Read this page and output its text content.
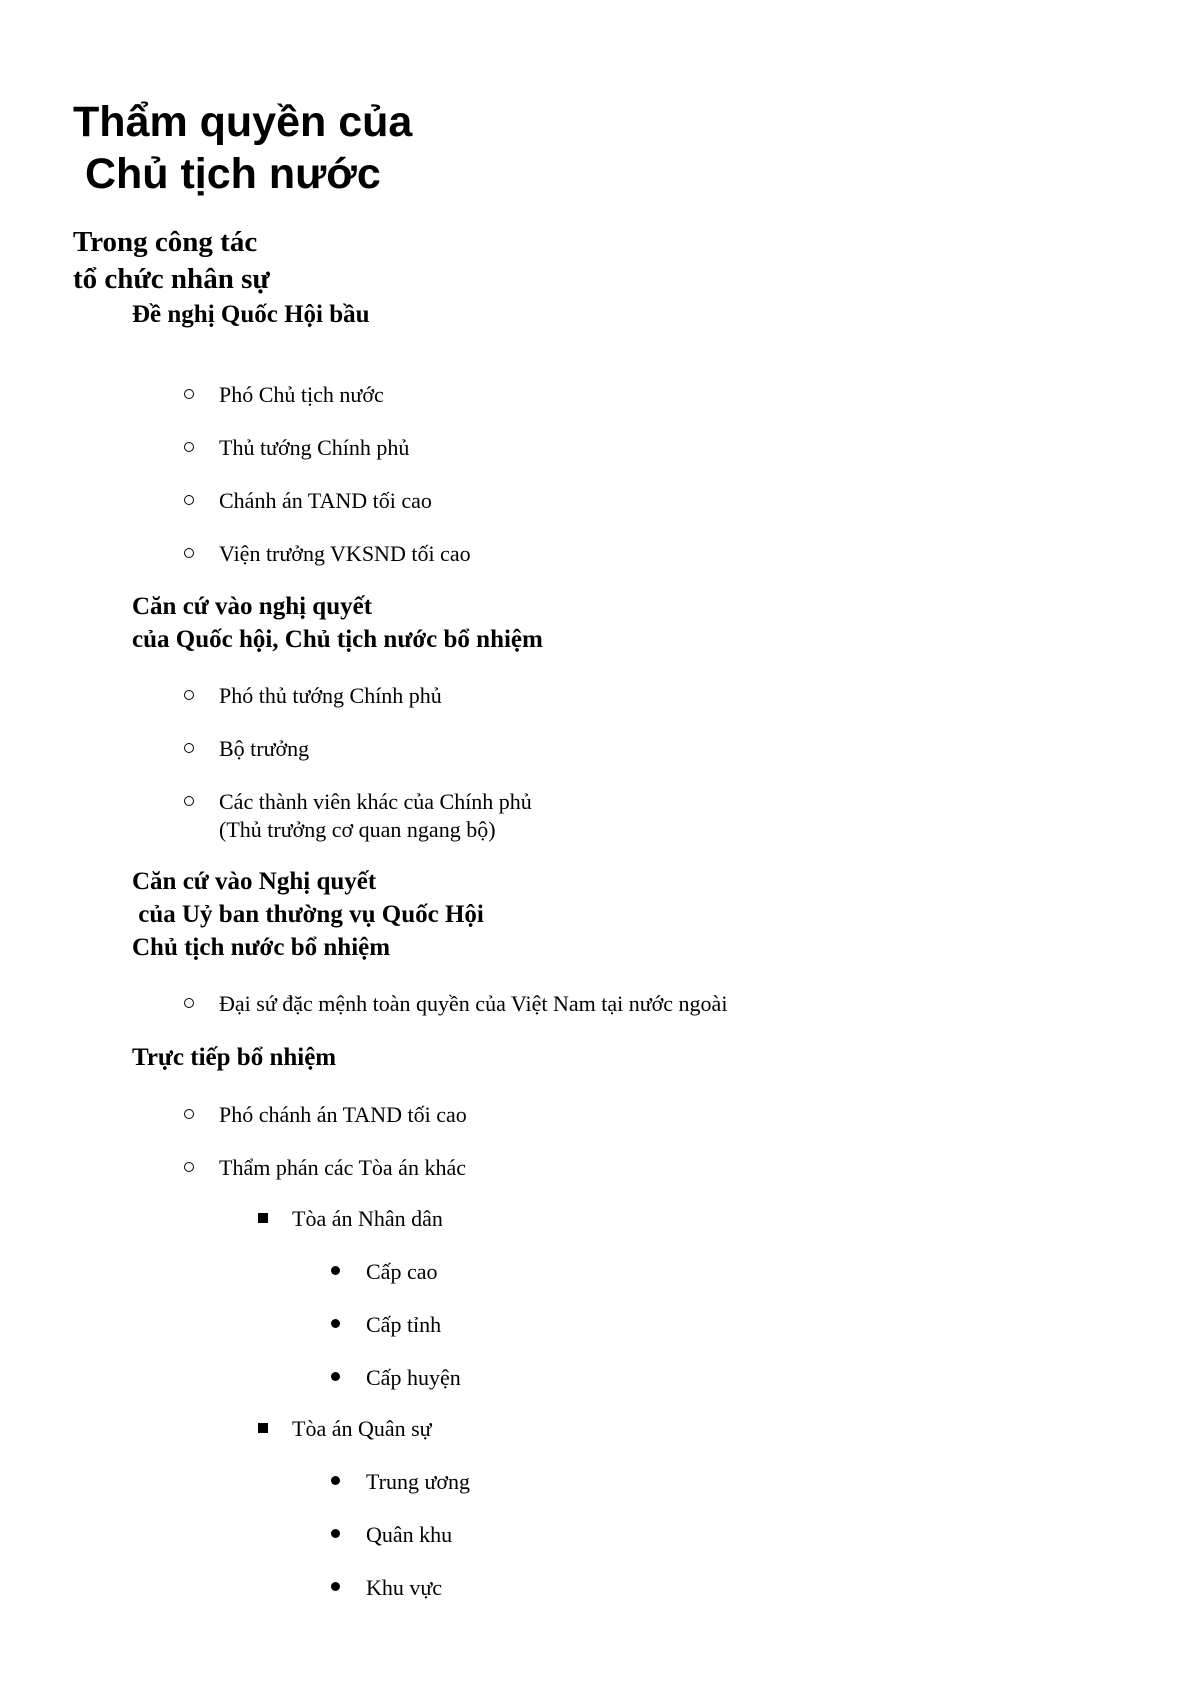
Thẩm quyền của
Chủ tịch nước
Trong công tác
tổ chức nhân sự
Đề nghị Quốc Hội bầu
Phó Chủ tịch nước
Thủ tướng Chính phủ
Chánh án TAND tối cao
Viện trưởng VKSND tối cao
Căn cứ vào nghị quyết
của Quốc hội, Chủ tịch nước bổ nhiệm
Phó thủ tướng Chính phủ
Bộ trưởng
Các thành viên khác của Chính phủ
(Thủ trưởng cơ quan ngang bộ)
Căn cứ vào Nghị quyết
của Uỷ ban thường vụ Quốc Hội
Chủ tịch nước bổ nhiệm
Đại sứ đặc mệnh toàn quyền của Việt Nam tại nước ngoài
Trực tiếp bổ nhiệm
Phó chánh án TAND tối cao
Thẩm phán các Tòa án khác
Tòa án Nhân dân
Cấp cao
Cấp tỉnh
Cấp huyện
Tòa án Quân sự
Trung ương
Quân khu
Khu vực
